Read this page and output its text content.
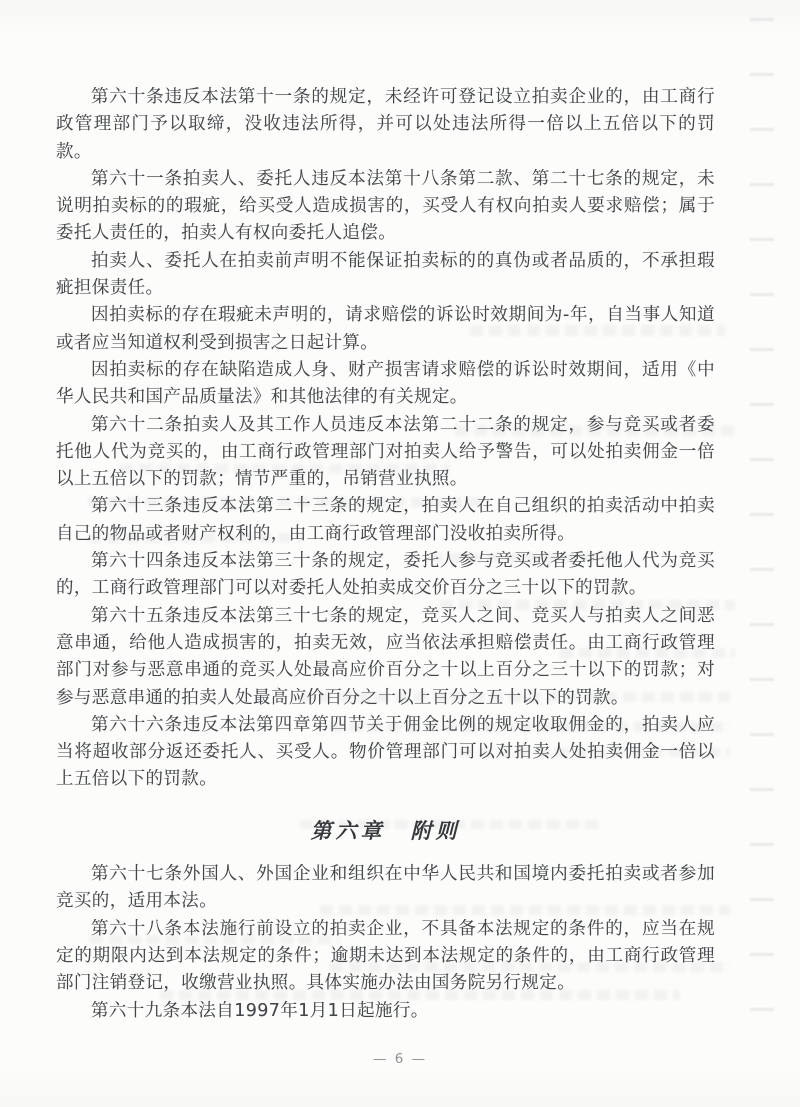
第六十条违反本法第十一条的规定，未经许可登记设立拍卖企业的，由工商行政管理部门予以取缔，没收违法所得，并可以处违法所得一倍以上五倍以下的罚款。

第六十一条拍卖人、委托人违反本法第十八条第二款、第二十七条的规定，未说明拍卖标的的瑕疵，给买受人造成损害的，买受人有权向拍卖人要求赔偿；属于委托人责任的，拍卖人有权向委托人追偿。

拍卖人、委托人在拍卖前声明不能保证拍卖标的的真伪或者品质的，不承担瑕疵担保责任。

因拍卖标的存在瑕疵未声明的，请求赔偿的诉讼时效期间为-年，自当事人知道或者应当知道权利受到损害之日起计算。

因拍卖标的存在缺陷造成人身、财产损害请求赔偿的诉讼时效期间，适用《中华人民共和国产品质量法》和其他法律的有关规定。

第六十二条拍卖人及其工作人员违反本法第二十二条的规定，参与竞买或者委托他人代为竞买的，由工商行政管理部门对拍卖人给予警告，可以处拍卖佣金一倍以上五倍以下的罚款；情节严重的，吊销营业执照。

第六十三条违反本法第二十三条的规定，拍卖人在自己组织的拍卖活动中拍卖自己的物品或者财产权利的，由工商行政管理部门没收拍卖所得。

第六十四条违反本法第三十条的规定，委托人参与竞买或者委托他人代为竞买的，工商行政管理部门可以对委托人处拍卖成交价百分之三十以下的罚款。

第六十五条违反本法第三十七条的规定，竞买人之间、竞买人与拍卖人之间恶意串通，给他人造成损害的，拍卖无效，应当依法承担赔偿责任。由工商行政管理部门对参与恶意串通的竞买人处最高应价百分之十以上百分之三十以下的罚款；对参与恶意串通的拍卖人处最高应价百分之十以上百分之五十以下的罚款。

第六十六条违反本法第四章第四节关于佣金比例的规定收取佣金的，拍卖人应当将超收部分返还委托人、买受人。物价管理部门可以对拍卖人处拍卖佣金一倍以上五倍以下的罚款。

第六章　附则

第六十七条外国人、外国企业和组织在中华人民共和国境内委托拍卖或者参加竞买的，适用本法。

第六十八条本法施行前设立的拍卖企业，不具备本法规定的条件的，应当在规定的期限内达到本法规定的条件；逾期未达到本法规定的条件的，由工商行政管理部门注销登记，收缴营业执照。具体实施办法由国务院另行规定。

第六十九条本法自1997年1月1日起施行。

— 6 —
